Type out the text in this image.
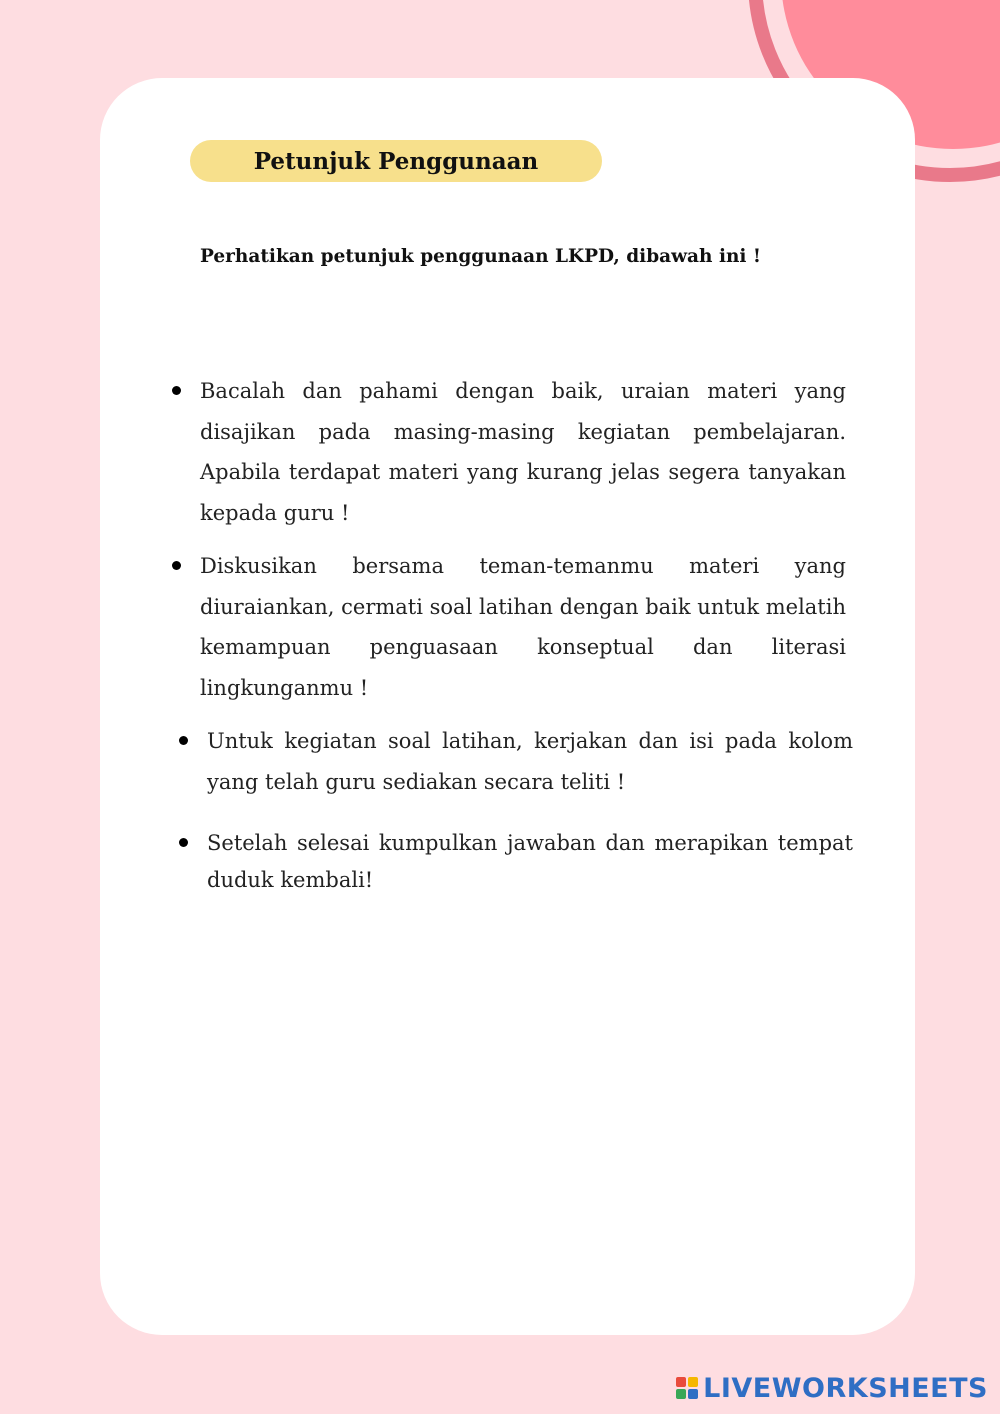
Petunjuk Penggunaan
Perhatikan petunjuk penggunaan LKPD, dibawah ini !
Bacalah dan pahami dengan baik, uraian materi yang disajikan pada masing-masing kegiatan pembelajaran. Apabila terdapat materi yang kurang jelas segera tanyakan kepada guru !
Diskusikan bersama teman-temanmu materi yang diuraiankan, cermati soal latihan dengan baik untuk melatih kemampuan penguasaan konseptual dan literasi lingkunganmu !
Untuk kegiatan soal latihan, kerjakan dan isi pada kolom yang telah guru sediakan secara teliti !
Setelah selesai kumpulkan jawaban dan merapikan tempat duduk kembali!
LIVEWORKSHEETS
